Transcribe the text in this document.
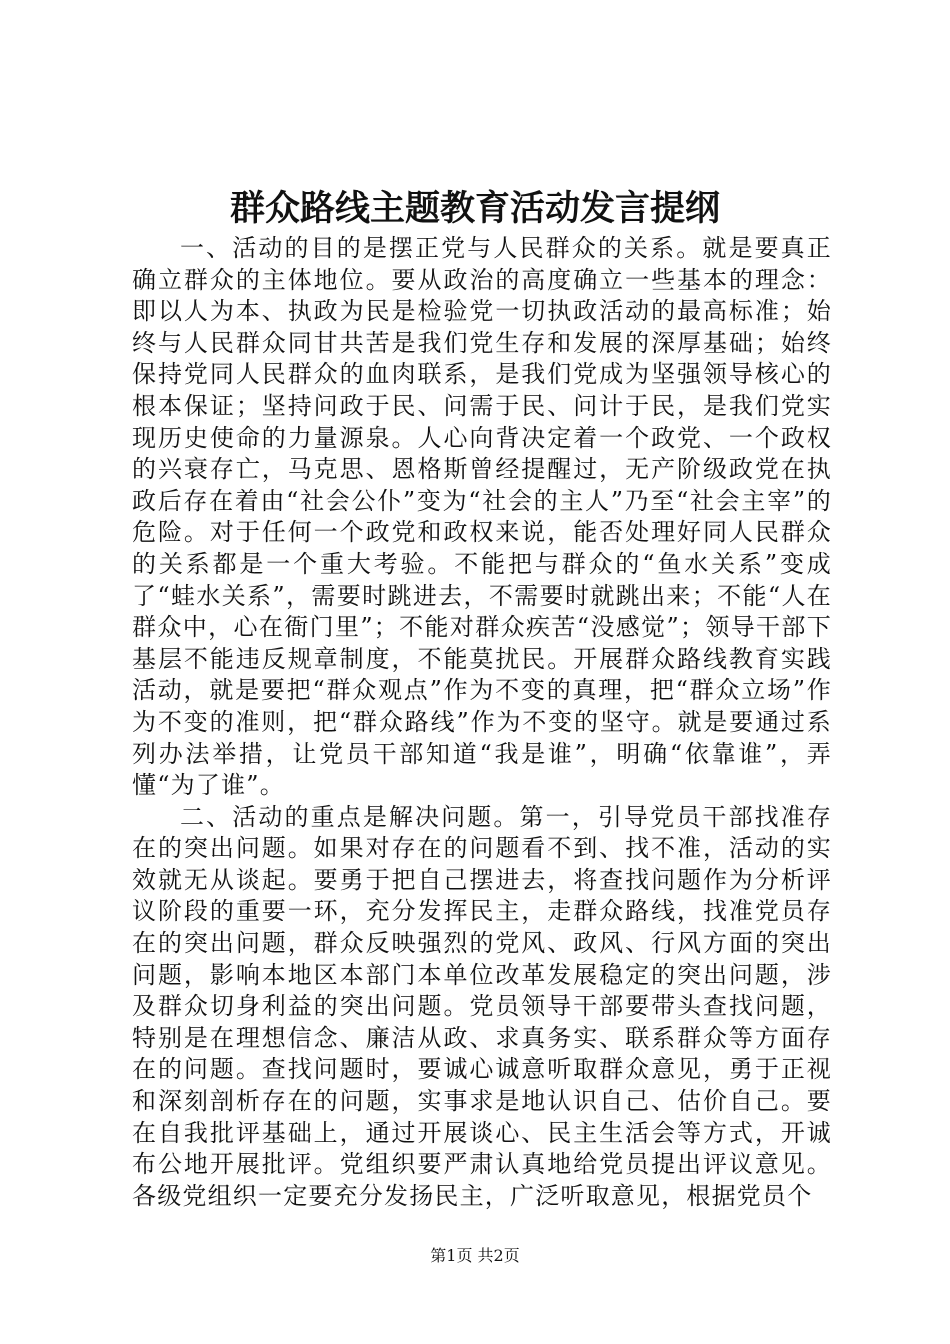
群众路线主题教育活动发言提纲

一、活动的目的是摆正党与人民群众的关系。就是要真正确立群众的主体地位。要从政治的高度确立一些基本的理念：即以人为本、执政为民是检验党一切执政活动的最高标准；始终与人民群众同甘共苦是我们党生存和发展的深厚基础；始终保持党同人民群众的血肉联系，是我们党成为坚强领导核心的根本保证；坚持问政于民、问需于民、问计于民，是我们党实现历史使命的力量源泉。人心向背决定着一个政党、一个政权的兴衰存亡，马克思、恩格斯曾经提醒过，无产阶级政党在执政后存在着由“社会公仆”变为“社会的主人”乃至“社会主宰”的危险。对于任何一个政党和政权来说，能否处理好同人民群众的关系都是一个重大考验。不能把与群众的“鱼水关系”变成了“蛙水关系”，需要时跳进去，不需要时就跳出来；不能“人在群众中，心在衙门里”；不能对群众疾苦“没感觉”；领导干部下基层不能违反规章制度，不能莫扰民。开展群众路线教育实践活动，就是要把“群众观点”作为不变的真理，把“群众立场”作为不变的准则，把“群众路线”作为不变的坚守。就是要通过系列办法举措，让党员干部知道“我是谁”，明确“依靠谁”，弄懂“为了谁”。

二、活动的重点是解决问题。第一，引导党员干部找准存在的突出问题。如果对存在的问题看不到、找不准，活动的实效就无从谈起。要勇于把自己摆进去，将查找问题作为分析评议阶段的重要一环，充分发挥民主，走群众路线，找准党员存在的突出问题，群众反映强烈的党风、政风、行风方面的突出问题，影响本地区本部门本单位改革发展稳定的突出问题，涉及群众切身利益的突出问题。党员领导干部要带头查找问题，特别是在理想信念、廉洁从政、求真务实、联系群众等方面存在的问题。查找问题时，要诚心诚意听取群众意见，勇于正视和深刻剖析存在的问题，实事求是地认识自己、估价自己。要在自我批评基础上，通过开展谈心、民主生活会等方式，开诚布公地开展批评。党组织要严肃认真地给党员提出评议意见。各级党组织一定要充分发扬民主，广泛听取意见，根据党员个

第1页 共2页
